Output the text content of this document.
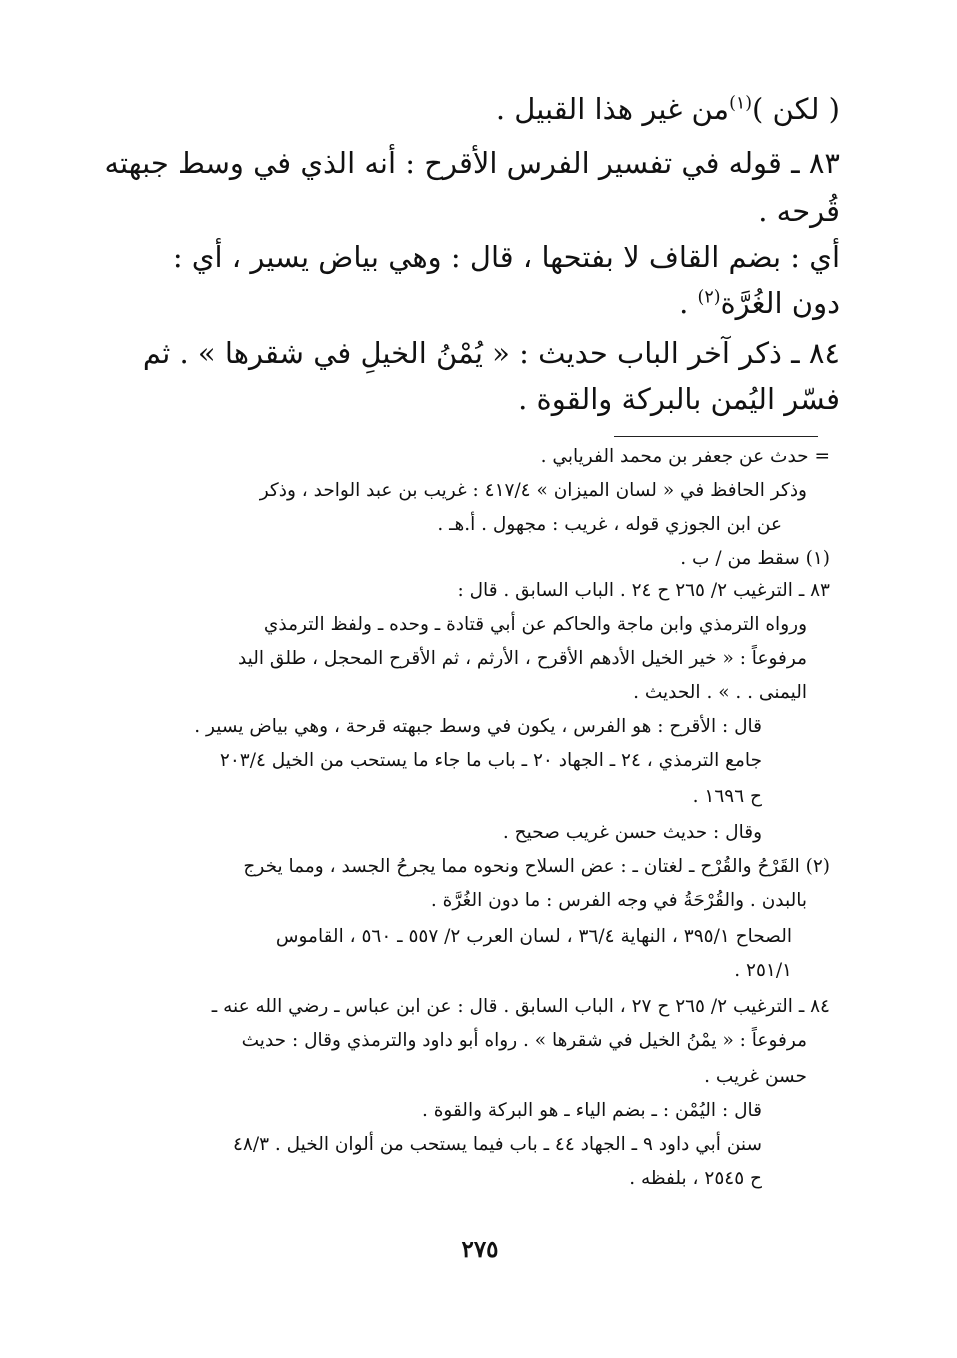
( لكن )$^{(١)}$من غير هذا القبيل .
٨٣ ـ قوله في تفسير الفرس الأقرح : أنه الذي في وسط جبهته
قُرحه .
أي : بضم القاف لا بفتحها ، قال : وهي بياض يسير ، أي :
دون الغُرَّة$^{(٢)}$ .
٨٤ ـ ذكر آخر الباب حديث : « يُمْنُ الخيلِ في شقرها » . ثم
فسّر اليُمن بالبركة والقوة .
= حدث عن جعفر بن محمد الفريابي .
وذكر الحافظ في « لسان الميزان » ٤١٧/٤ : غريب بن عبد الواحد ، وذكر
عن ابن الجوزي قوله ، غريب : مجهول . أ.هـ .
(١) سقط من / ب .
٨٣ ـ الترغيب ٢/ ٢٦٥ ح ٢٤ . الباب السابق . قال :
ورواه الترمذي وابن ماجة والحاكم عن أبي قتادة ـ وحده ـ ولفظ الترمذي
مرفوعاً : « خير الخيل الأدهم الأقرح ، الأرثم ، ثم الأقرح المحجل ، طلق اليد
اليمنى . . » . الحديث .
قال : الأقرح : هو الفرس ، يكون في وسط جبهته قرحة ، وهي بياض يسير .
جامع الترمذي ، ٢٤ ـ الجهاد ٢٠ ـ باب ما جاء ما يستحب من الخيل ٢٠٣/٤
ح ١٦٩٦ .
وقال : حديث حسن غريب صحيح .
(٢) القَرْحُ والقُرْح ـ لغتان ـ : عض السلاح ونحوه مما يجرحُ الجسد ، ومما يخرج
بالبدن . والقُرْحَةُ في وجه الفرس : ما دون الغُرَّة .
الصحاح ٣٩٥/١ ، النهاية ٣٦/٤ ، لسان العرب ٢/ ٥٥٧ ـ ٥٦٠ ، القاموس
٢٥١/١ .
٨٤ ـ الترغيب ٢/ ٢٦٥ ح ٢٧ ، الباب السابق . قال : عن ابن عباس ـ رضي الله عنه ـ
مرفوعاً : « يمْنُ الخيل في شقرها » . رواه أبو داود والترمذي وقال : حديث
حسن غريب .
قال : اليُمْن : ـ بضم الياء ـ هو البركة والقوة .
سنن أبي داود ٩ ـ الجهاد ٤٤ ـ باب فيما يستحب من ألوان الخيل . ٤٨/٣
ح ٢٥٤٥ ، بلفظه .
٢٧٥
